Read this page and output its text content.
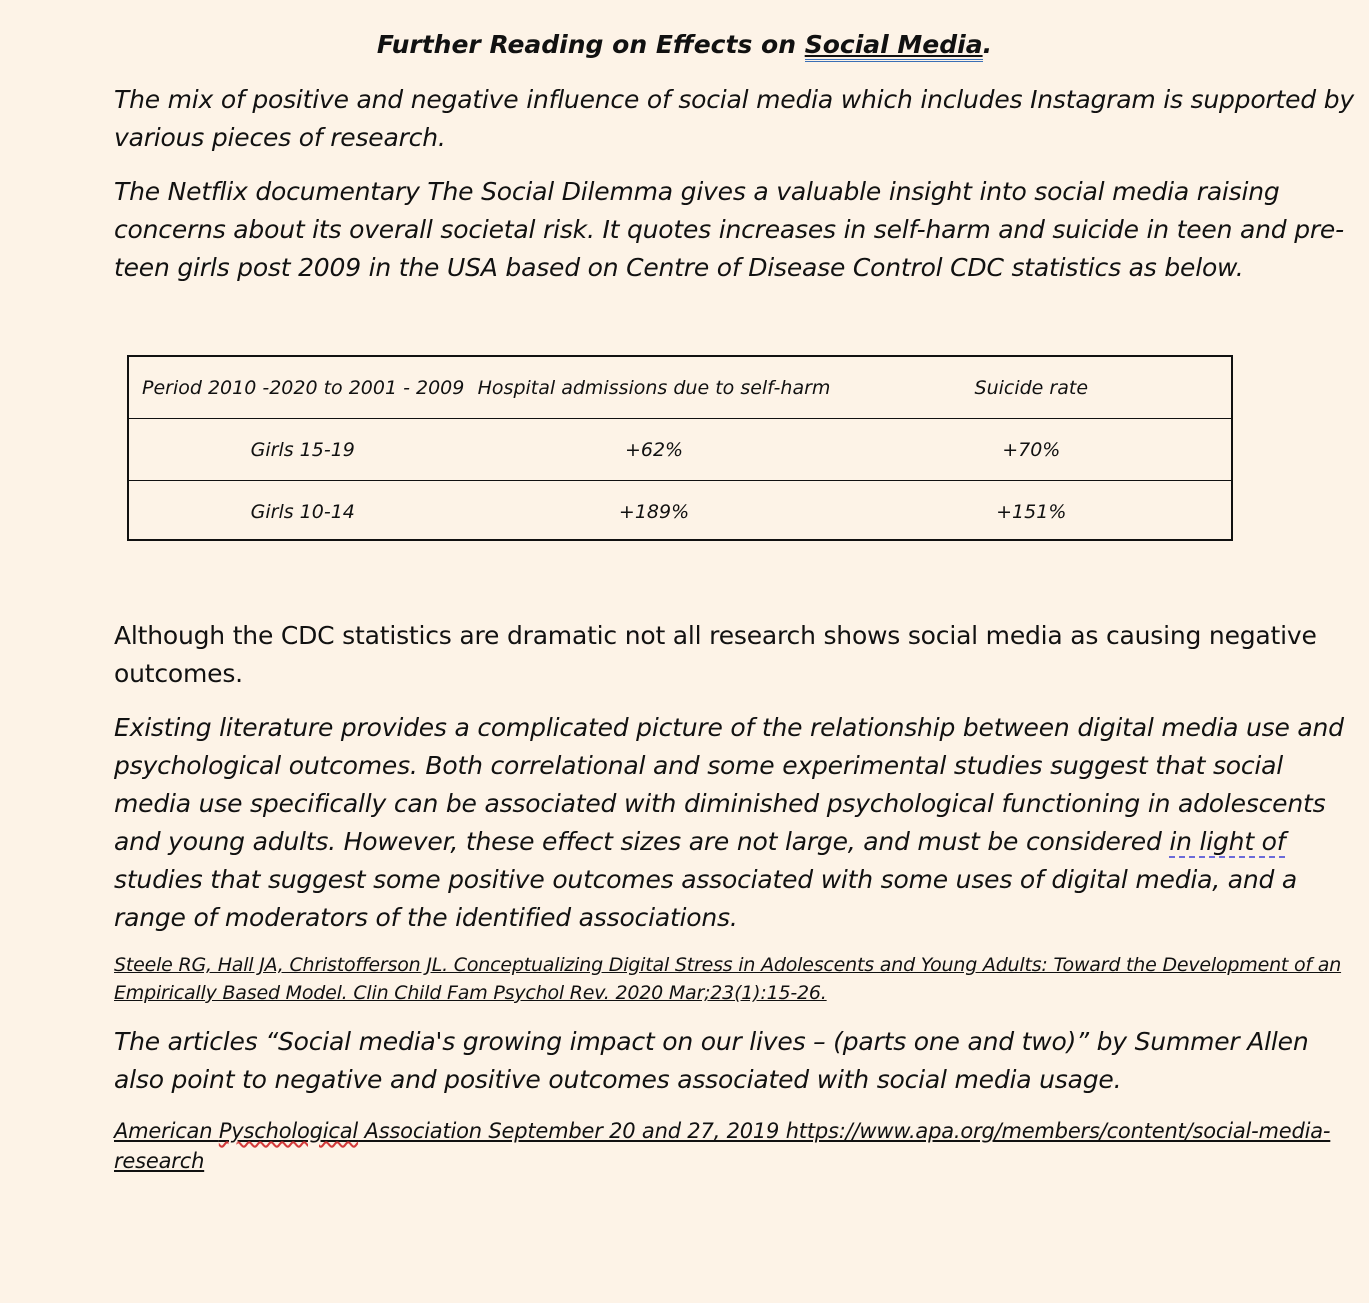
Further Reading on Effects on Social Media.

The mix of positive and negative influence of social media which includes Instagram is supported by various pieces of research.

The Netflix documentary The Social Dilemma gives a valuable insight into social media raising concerns about its overall societal risk. It quotes increases in self-harm and suicide in teen and pre-teen girls post 2009 in the USA based on Centre of Disease Control CDC statistics as below.

Period 2010 -2020 to 2001 - 2009	Hospital admissions due to self-harm	Suicide rate
Girls 15-19	+62%	+70%
Girls 10-14	+189%	+151%

Although the CDC statistics are dramatic not all research shows social media as causing negative outcomes.

Existing literature provides a complicated picture of the relationship between digital media use and psychological outcomes. Both correlational and some experimental studies suggest that social media use specifically can be associated with diminished psychological functioning in adolescents and young adults. However, these effect sizes are not large, and must be considered in light of studies that suggest some positive outcomes associated with some uses of digital media, and a range of moderators of the identified associations.

Steele RG, Hall JA, Christofferson JL. Conceptualizing Digital Stress in Adolescents and Young Adults: Toward the Development of an Empirically Based Model. Clin Child Fam Psychol Rev. 2020 Mar;23(1):15-26.

The articles “Social media's growing impact on our lives – (parts one and two)” by Summer Allen also point to negative and positive outcomes associated with social media usage.

American Pyschological Association September 20 and 27, 2019 https://www.apa.org/members/content/social-media-research
